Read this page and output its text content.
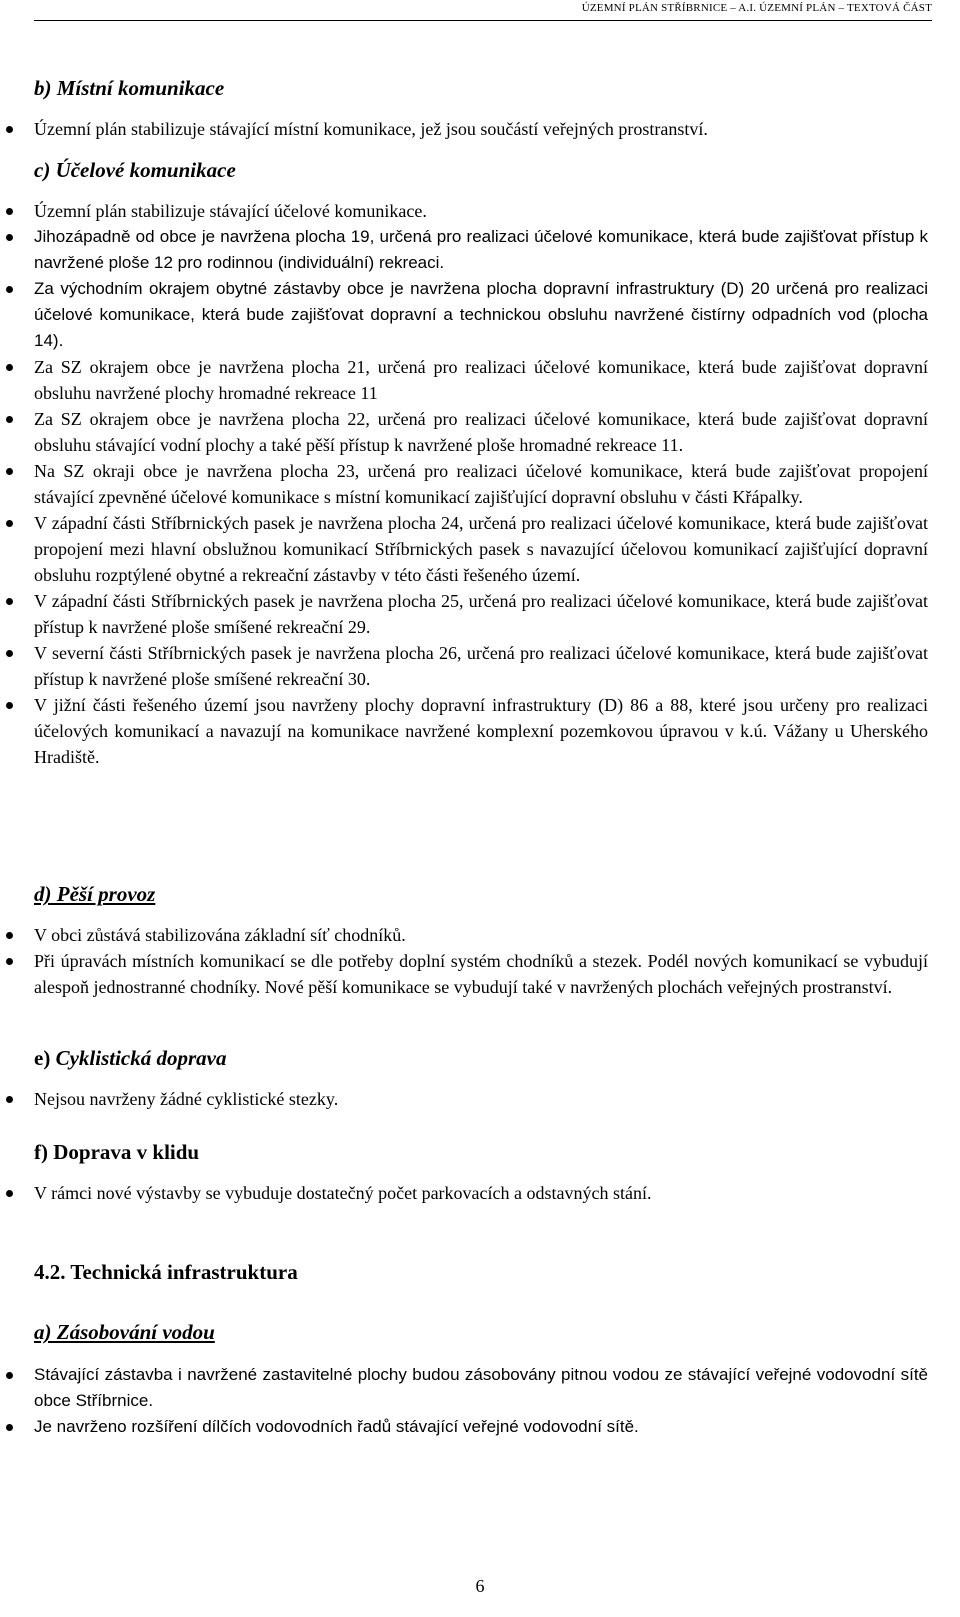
ÚZEMNÍ PLÁN STŘÍBRNICE – A.I. ÚZEMNÍ PLÁN – TEXTOVÁ ČÁST
b) Místní komunikace
Územní plán stabilizuje stávající místní komunikace, jež jsou součástí veřejných prostranství.
c) Účelové komunikace
Územní plán stabilizuje stávající účelové komunikace.
Jihozápadně od obce je navržena plocha 19, určená pro realizaci účelové komunikace, která bude zajišťovat přístup k navržené ploše 12 pro rodinnou (individuální) rekreaci.
Za východním okrajem obytné zástavby obce je navržena plocha dopravní infrastruktury (D) 20 určená pro realizaci účelové komunikace, která bude zajišťovat dopravní a technickou obsluhu navržené čistírny odpadních vod (plocha 14).
Za SZ okrajem obce je navržena plocha 21, určená pro realizaci účelové komunikace, která bude zajišťovat dopravní obsluhu navržené plochy hromadné rekreace 11
Za SZ okrajem obce je navržena plocha 22, určená pro realizaci účelové komunikace, která bude zajišťovat dopravní obsluhu stávající vodní plochy a také pěší přístup k navržené ploše hromadné rekreace 11.
Na SZ okraji obce je navržena plocha 23, určená pro realizaci účelové komunikace, která bude zajišťovat propojení stávající zpevněné účelové komunikace s místní komunikací zajišťující dopravní obsluhu v části Křápalky.
V západní části Stříbrnických pasek je navržena plocha 24, určená pro realizaci účelové komunikace, která bude zajišťovat propojení mezi hlavní obslužnou komunikací Stříbrnických pasek s navazující účelovou komunikací zajišťující dopravní obsluhu rozptýlené obytné a rekreační zástavby v této části řešeného území.
V západní části Stříbrnických pasek je navržena plocha 25, určená pro realizaci účelové komunikace, která bude zajišťovat přístup k navržené ploše smíšené rekreační 29.
V severní části Stříbrnických pasek je navržena plocha 26, určená pro realizaci účelové komunikace, která bude zajišťovat přístup k navržené ploše smíšené rekreační 30.
V jižní části řešeného území jsou navrženy plochy dopravní infrastruktury (D) 86 a 88, které jsou určeny pro realizaci účelových komunikací a navazují na komunikace navržené komplexní pozemkovou úpravou v k.ú. Vážany u Uherského Hradiště.
d) Pěší provoz
V obci zůstává stabilizována základní síť chodníků.
Při úpravách místních komunikací se dle potřeby doplní systém chodníků a stezek. Podél nových komunikací se vybudují alespoň jednostranné chodníky. Nové pěší komunikace se vybudují také v navržených plochách veřejných prostranství.
e) Cyklistická doprava
Nejsou navrženy žádné cyklistické stezky.
f) Doprava v klidu
V rámci nové výstavby se vybuduje dostatečný počet parkovacích a odstavných stání.
4.2. Technická infrastruktura
a) Zásobování vodou
Stávající zástavba i navržené zastavitelné plochy budou zásobovány pitnou vodou ze stávající veřejné vodovodní sítě obce Stříbrnice.
Je navrženo rozšíření dílčích vodovodních řadů stávající veřejné vodovodní sítě.
6
